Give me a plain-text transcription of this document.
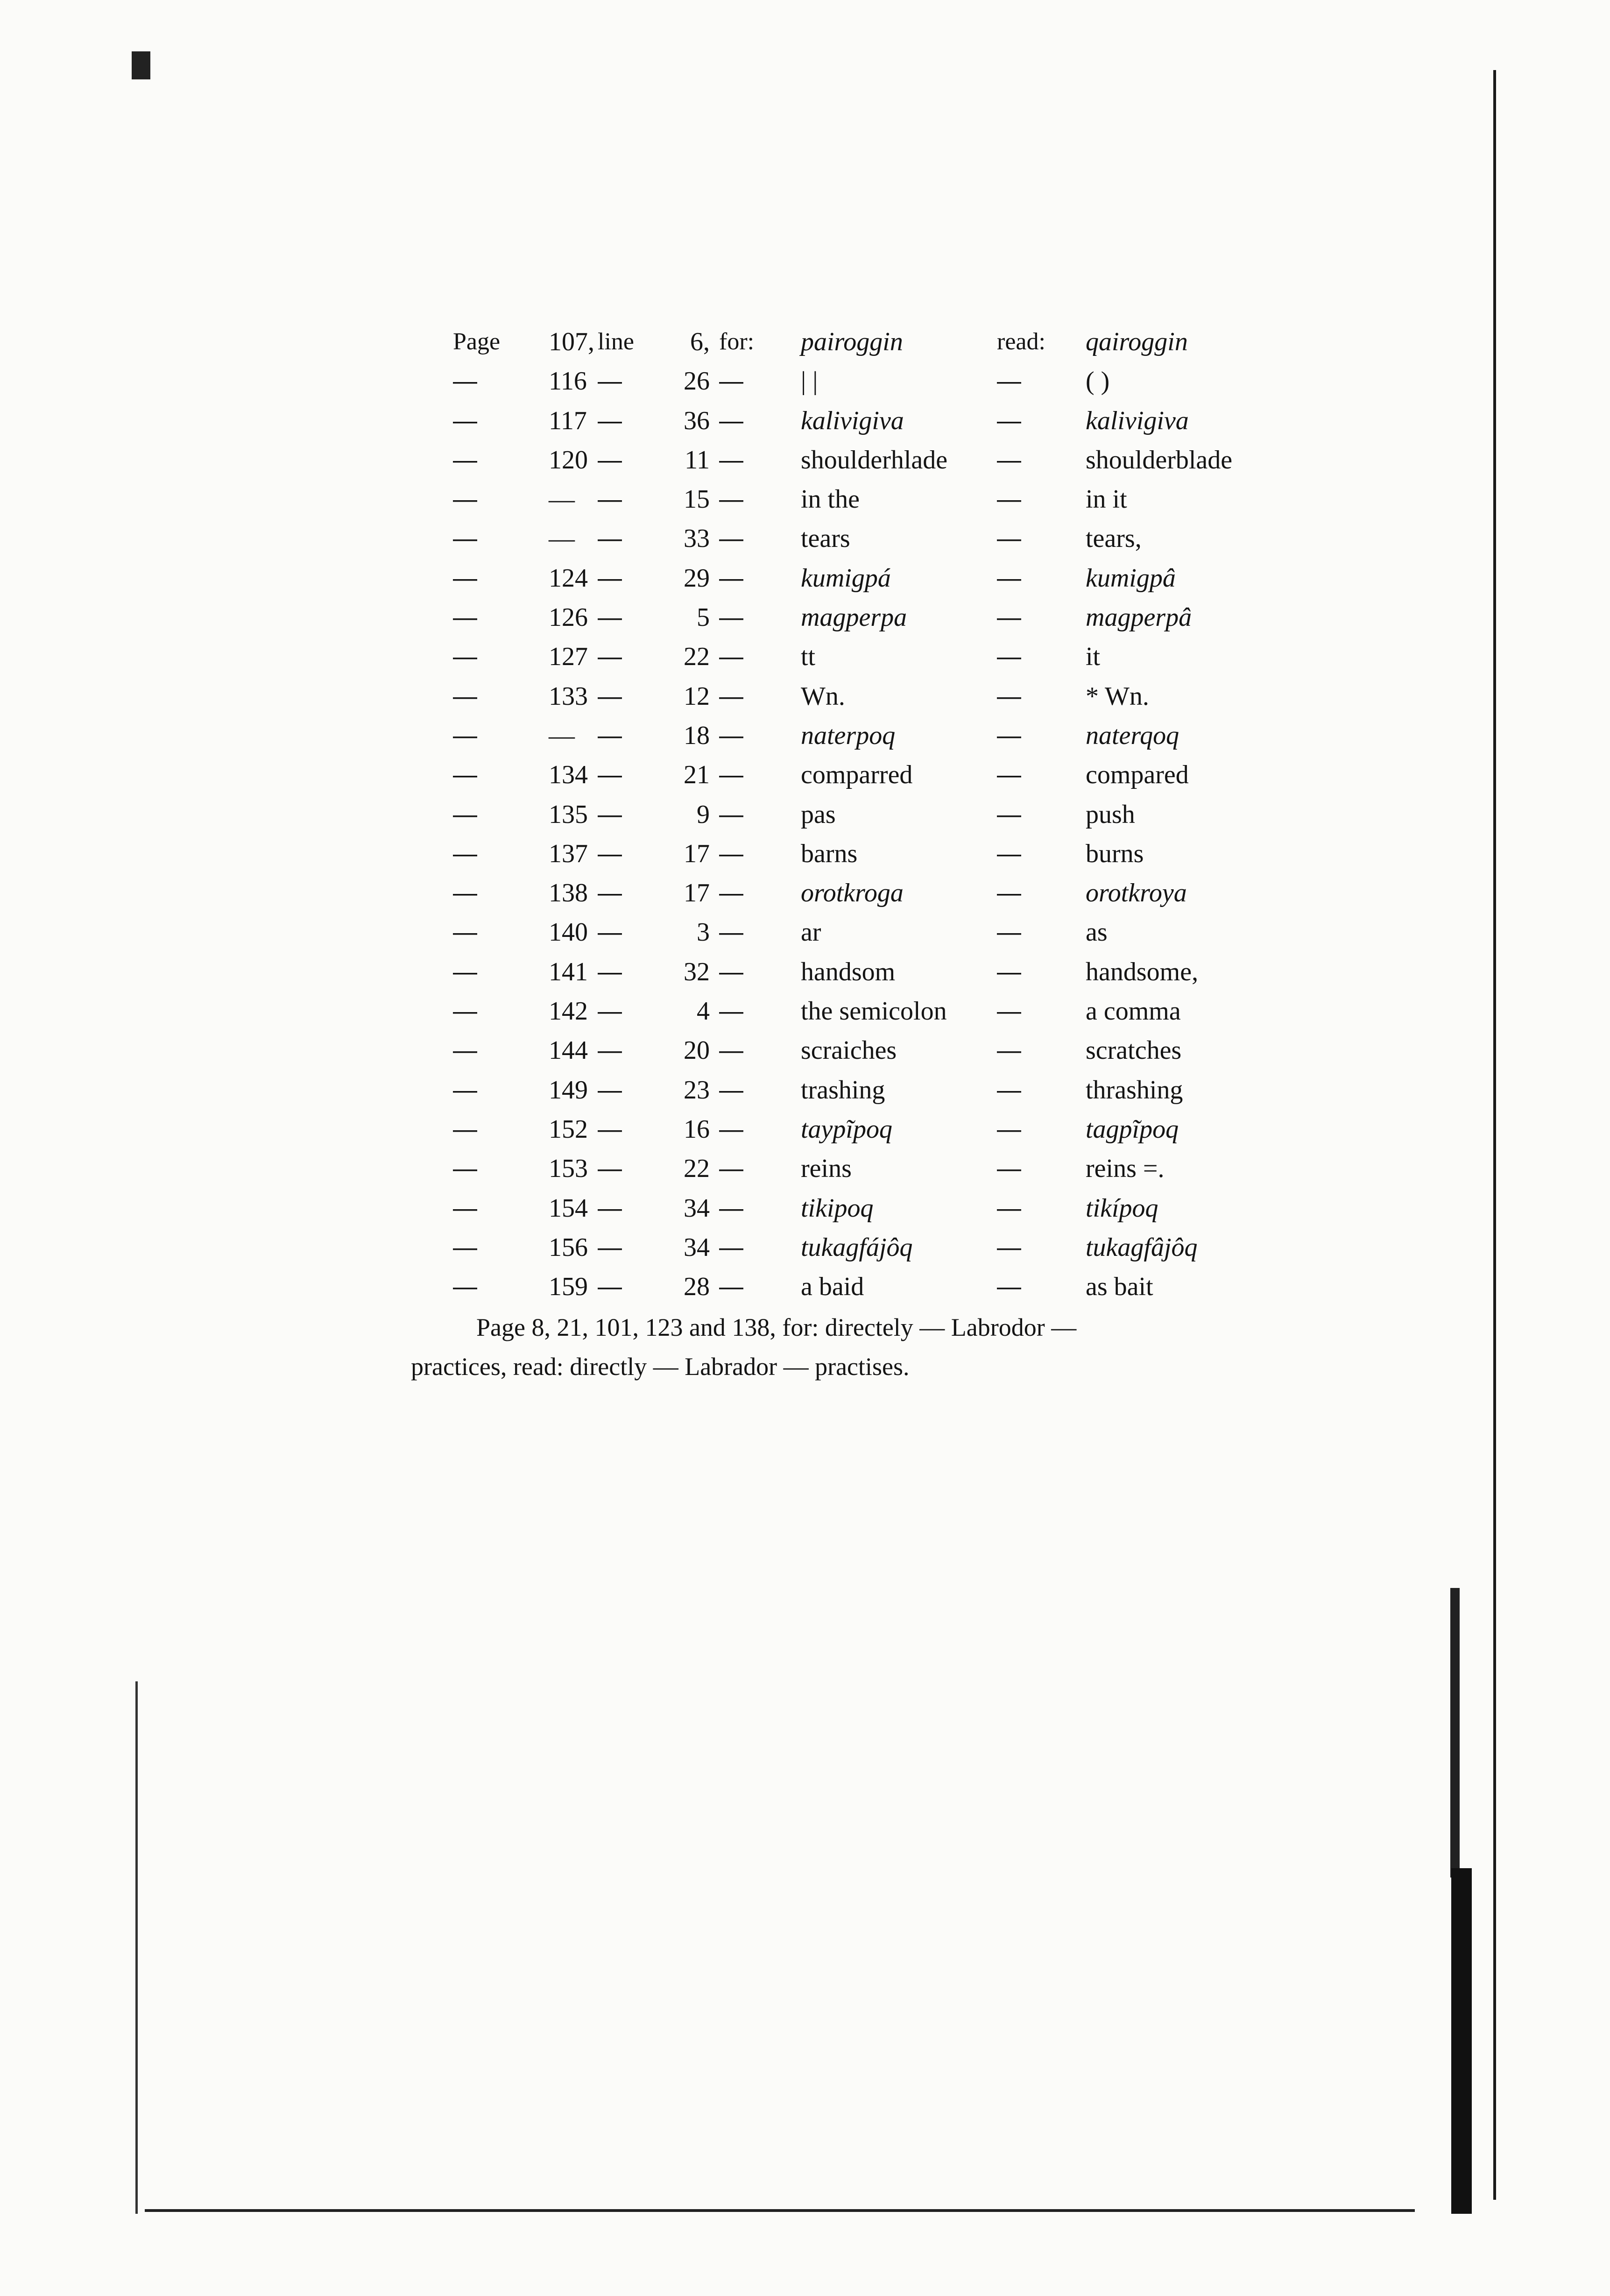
Page 107, line	6, for: pairoggin	read: qairoggin
—	116 —	26 — | |	— ( )
—	117 —	36 — kalivigiva	— kalivigiva
—	120 —	11 — shoulderhlade — shoulderblade
—	— —	15 — in the	— in it
—	— —	33 — tears	— tears,
—	124 —	29 — kumigpá	— kumigpâ
—	126 —	5 — magperpa	— magperpâ
—	127 —	22 — tt	— it
—	133 —	12 — Wn.	— * Wn.
—	— —	18 — naterpoq	— naterqoq
—	134 —	21 — comparred	— compared
—	135 —	9 — pas	— push
—	137 —	17 — barns	— burns
—	138 —	17 — orotkroga	— orotkroya
—	140 —	3 — ar	— as
—	141 —	32 — handsom	— handsome,
—	142 —	4 — the semicolon — a comma
—	144 —	20 — scraiches	— scratches
—	149 —	23 — trashing	— thrashing
—	152 —	16 — taypĩpoq	— tagpĩpoq
—	153 —	22 — reins	— reins =.
—	154 —	34 — tikipoq	— tikípoq
—	156 —	34 — tukagfájôq	— tukagfâjôq
—	159 —	28 — a baid	— as bait

Page 8, 21, 101, 123 and 138, for: directely — Labrodor —

practices, read: directly — Labrador — practises.
